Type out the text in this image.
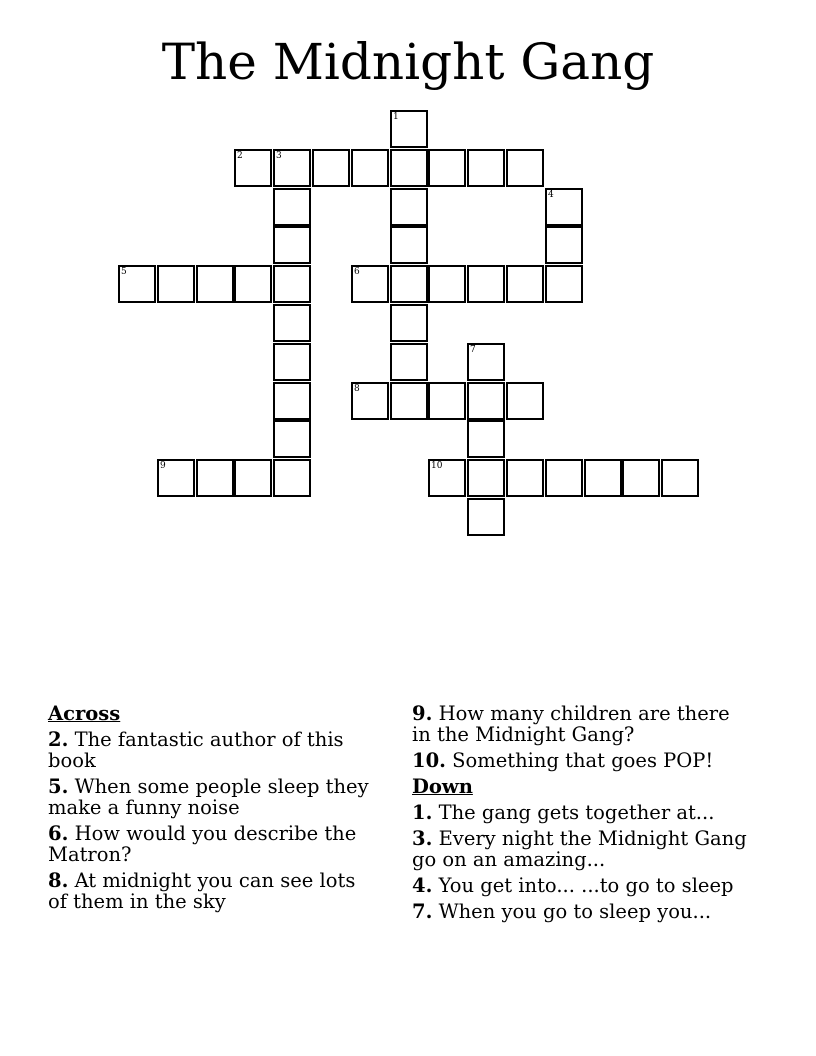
The Midnight Gang
1
2	3
4
5	6
7
8
9	10
Across
2. The fantastic author of this book
5. When some people sleep they make a funny noise
6. How would you describe the Matron?
8. At midnight you can see lots of them in the sky
9. How many children are there in the Midnight Gang?
10. Something that goes POP!
Down
1. The gang gets together at...
3. Every night the Midnight Gang go on an amazing...
4. You get into... ...to go to sleep
7. When you go to sleep you...
